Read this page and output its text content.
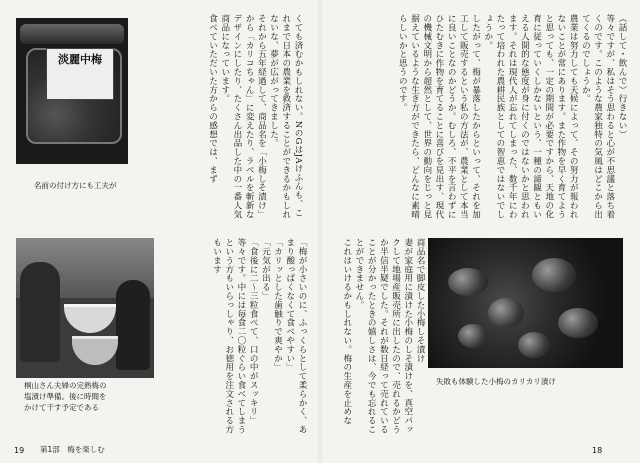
淡麗中梅
名前の付け方にも工夫が	くても済むかもしれない。NのGはJAけふんも、これまで日本の農業を救済することができるかもしれないな、夢が広がってきました。
それから五年経過して、商品名を「小梅しそ漬け」から「カリコちゃん」に変えたり、ラベルを斬新なデザインにしたり、たくさん出品した中の一番人気商品になっています。
食べていただいた方からの感想では、まず
桐山さん夫婦の完熟梅の
塩漬け準備。後に時間を
かけて干す予定である	「梅が小さいのに、ふっくらとして柔らかく、あまり酸っぱくなくて食べやすい」
「カリッとした歯触りで爽やか」
「元気が出る」
「食後に二～三粒食べて、口の中がスッキリ」
等々です。中には毎食二〇粒ぐらい食べてしまうという方もいらっしゃり、お徳用を注文される方もいます
19 第1部　梅を楽しむ
（話して・飲んで）行きない）
等々ですが、私はそう思わると心が不思議と落ち着くのです。このような農家独特の気風はどこから出てくるのでしょうか。
農業は努力しても天候によって、その努力が報われないことが常にあります。また作物を早く育てようと思っても、一定の期間が必要ですから、天地の化育に従っていくしかないという、一種の諦観ともいえる人間的な態度が身に付くのではないかと思われます。それは現代人が忘れてしまった、数千年にわたって培われた農耕民族としての智恵ではないでしょうか。
したがって、梅が暴落したからといって、それを加工して販売するという私の方法が、農業として本当に良いことなのかどうか。むしろ、不平を言わずにひたむきに作物を育てることに喜びを見出す、現代の機械文明から超然として、世界の動向をじっと見据えているような生き方ができたら、どんなに素晴らしいかと思うのです。
商品名で脚皮した小梅しそ漬け
妻が家庭用に漬けた小梅のしそ漬けを、真空パックして地場産販売所に出したので、売れるかどうか半信半疑でした。それが数日経って売れていることが分かったときの嬉しさは、今でも忘れることができません。
これはいけるかもしれない。梅の生産を止めな
18
失敗も体験した小梅のカリカリ漬け
